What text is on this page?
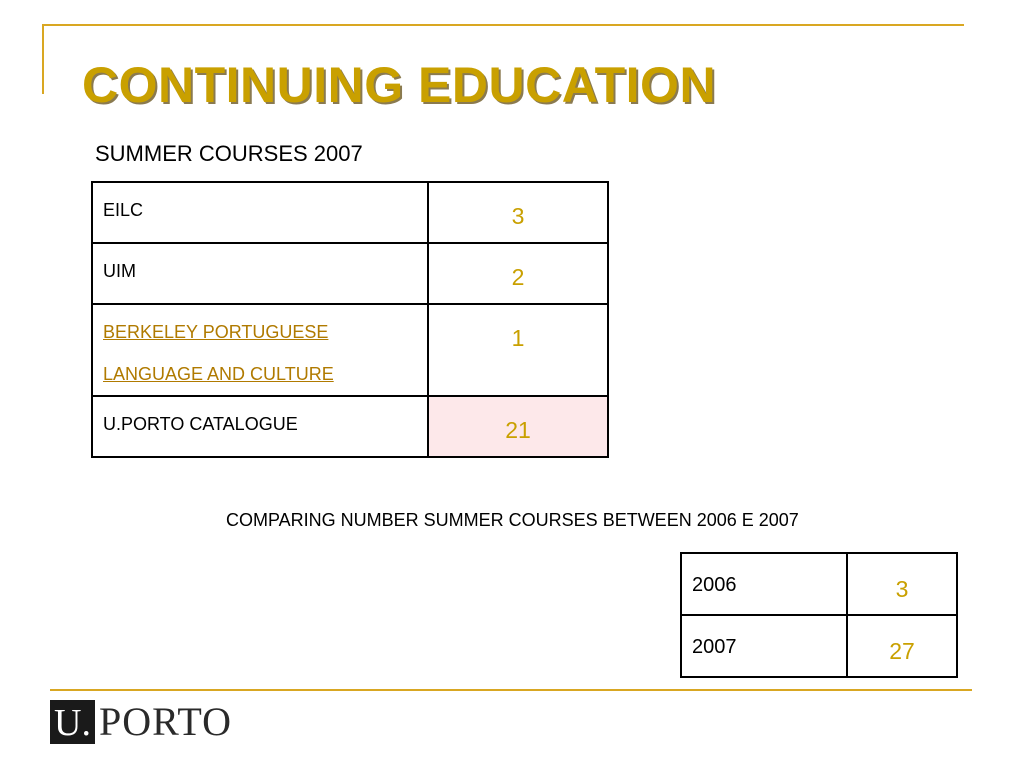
CONTINUING EDUCATION
SUMMER COURSES 2007
EILC	3
UIM	2

BERKELEY PORTUGUESE
LANGUAGE AND CULTURE	1
U.PORTO CATALOGUE	21
COMPARING NUMBER SUMMER COURSES BETWEEN 2006 E 2007
2006	3
2007	27
U. PORTO
